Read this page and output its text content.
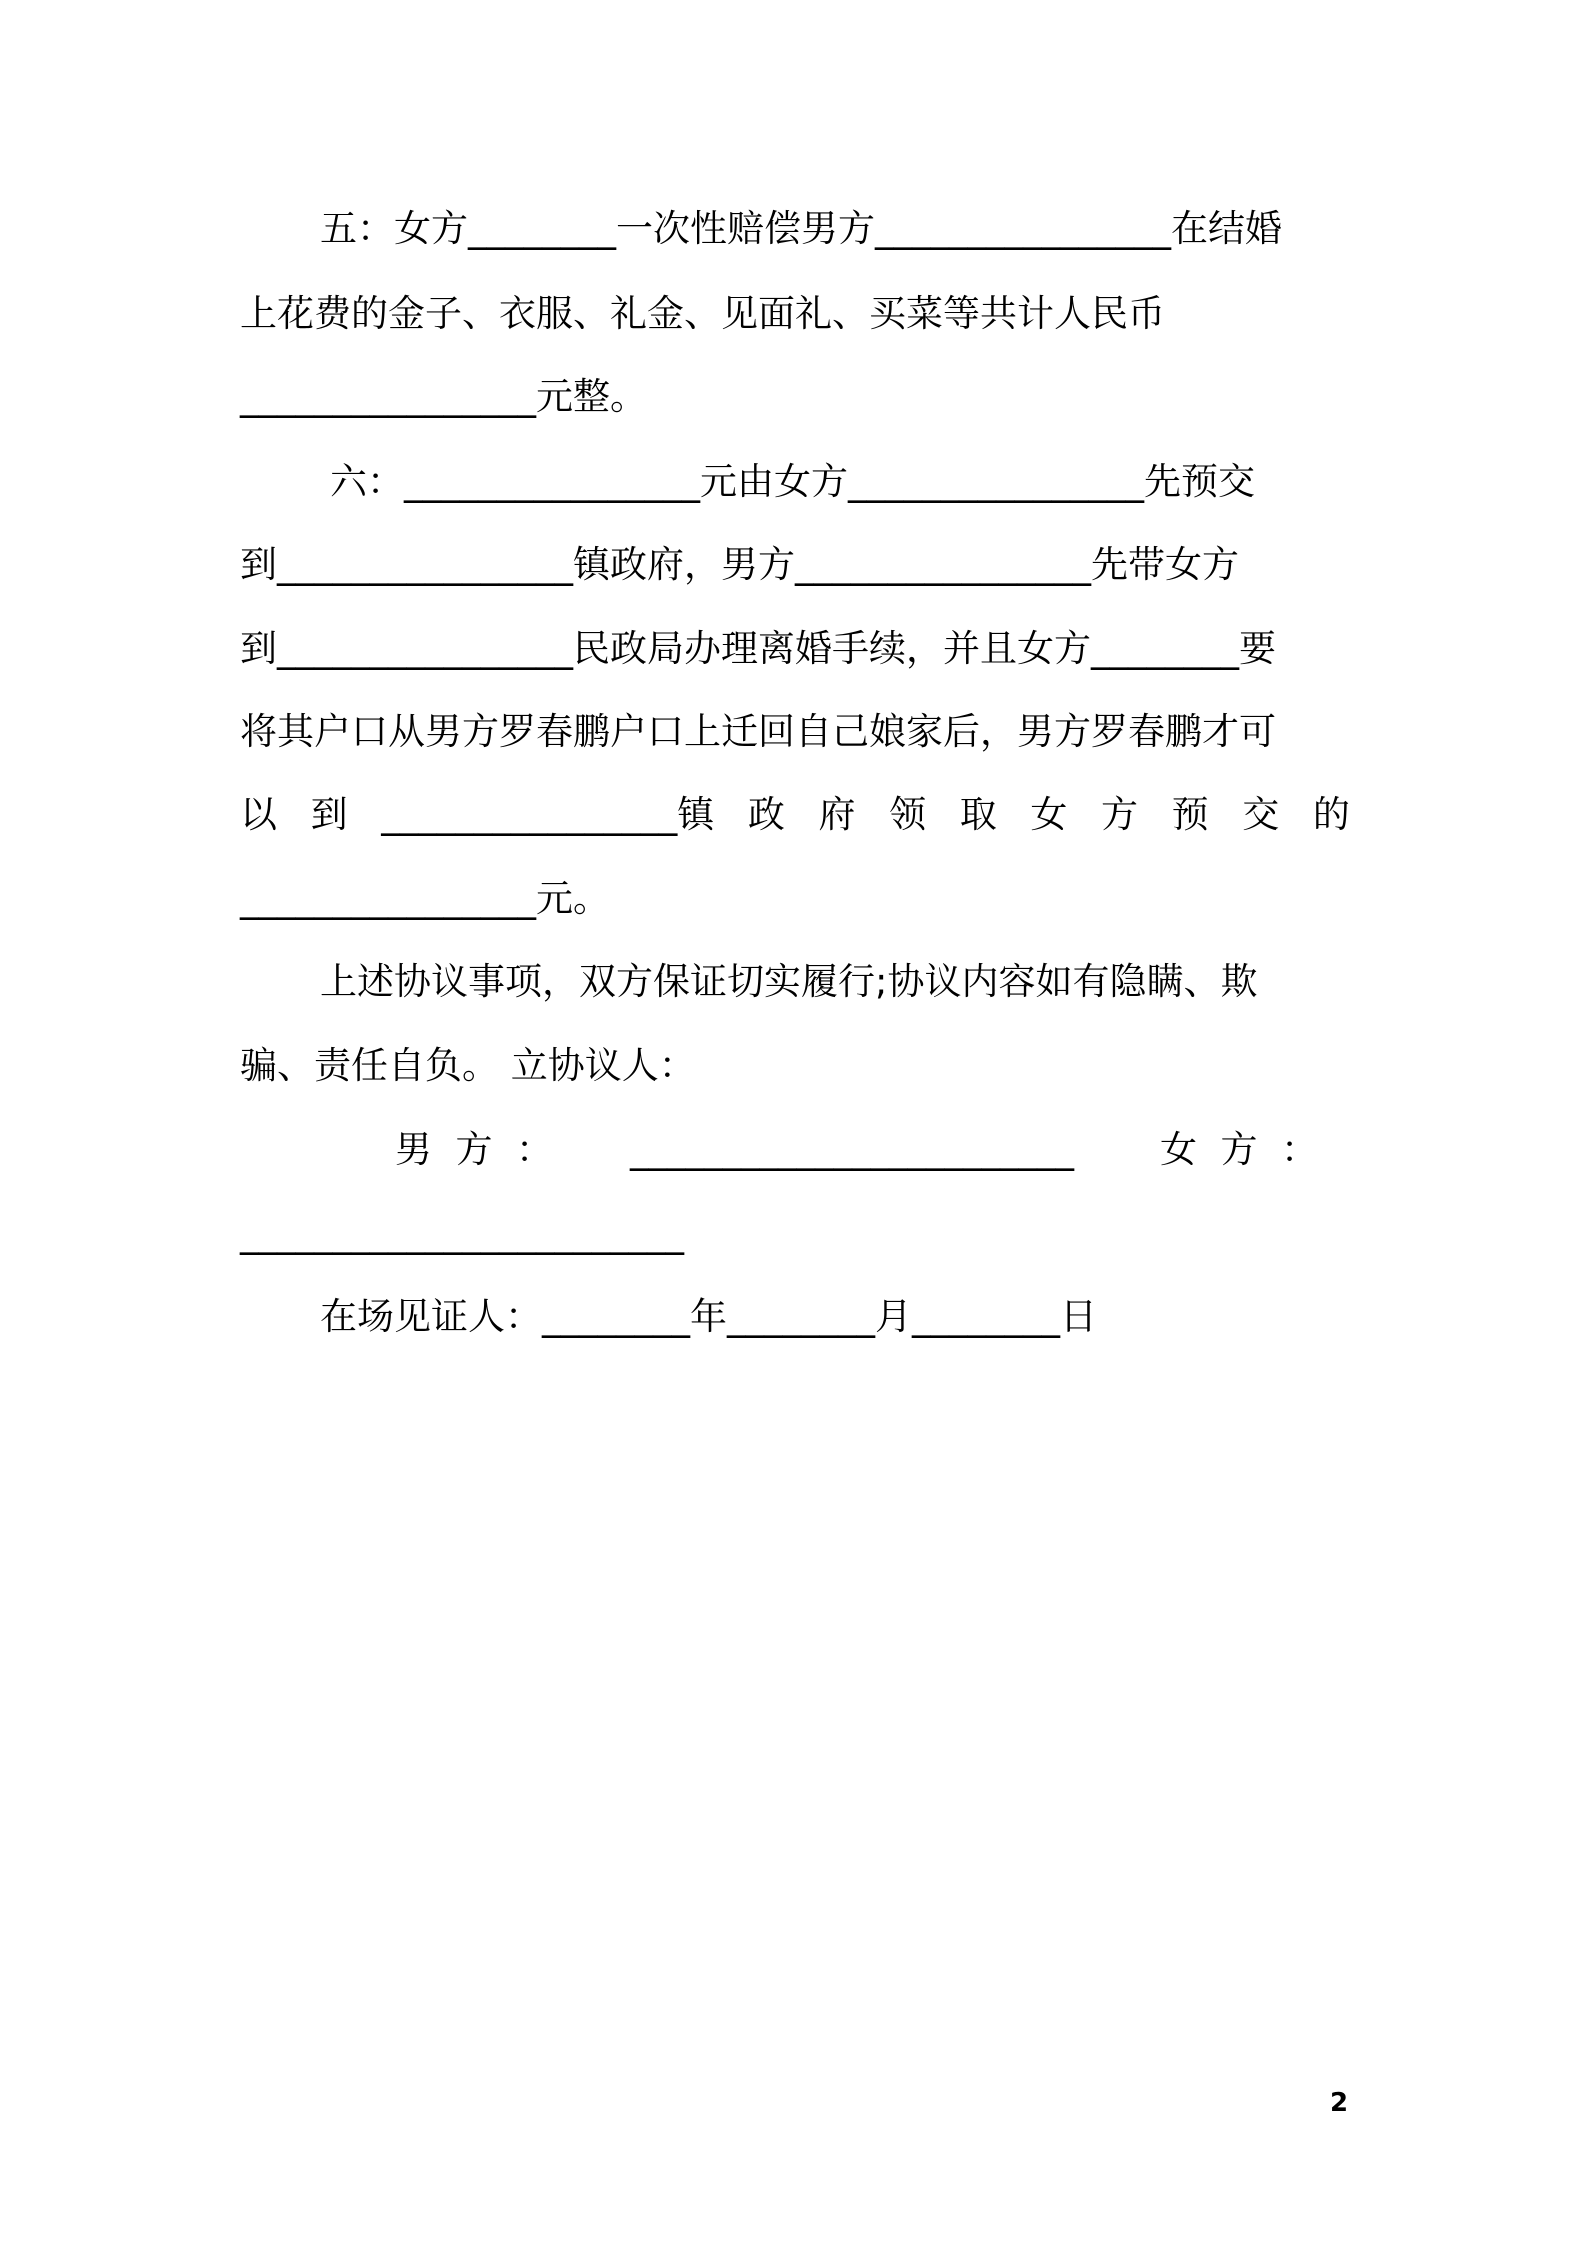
五：女方________一次性赔偿男方________________在结婚
上花费的金子、衣服、礼金、见面礼、买菜等共计人民币
________________元整。
六：________________元由女方________________先预交
到________________镇政府，男方________________先带女方
到________________民政局办理离婚手续，并且女方________要
将其户口从男方罗春鹏户口上迁回自己娘家后，男方罗春鹏才可
以 到 ________________镇 政 府 领 取 女 方 预 交 的
________________元。
上述协议事项，双方保证切实履行;协议内容如有隐瞒、欺
骗、责任自负。 立协议人：
男  方  ： ________________________ 女  方  ：
________________________
在场见证人：________年________月________日
2
